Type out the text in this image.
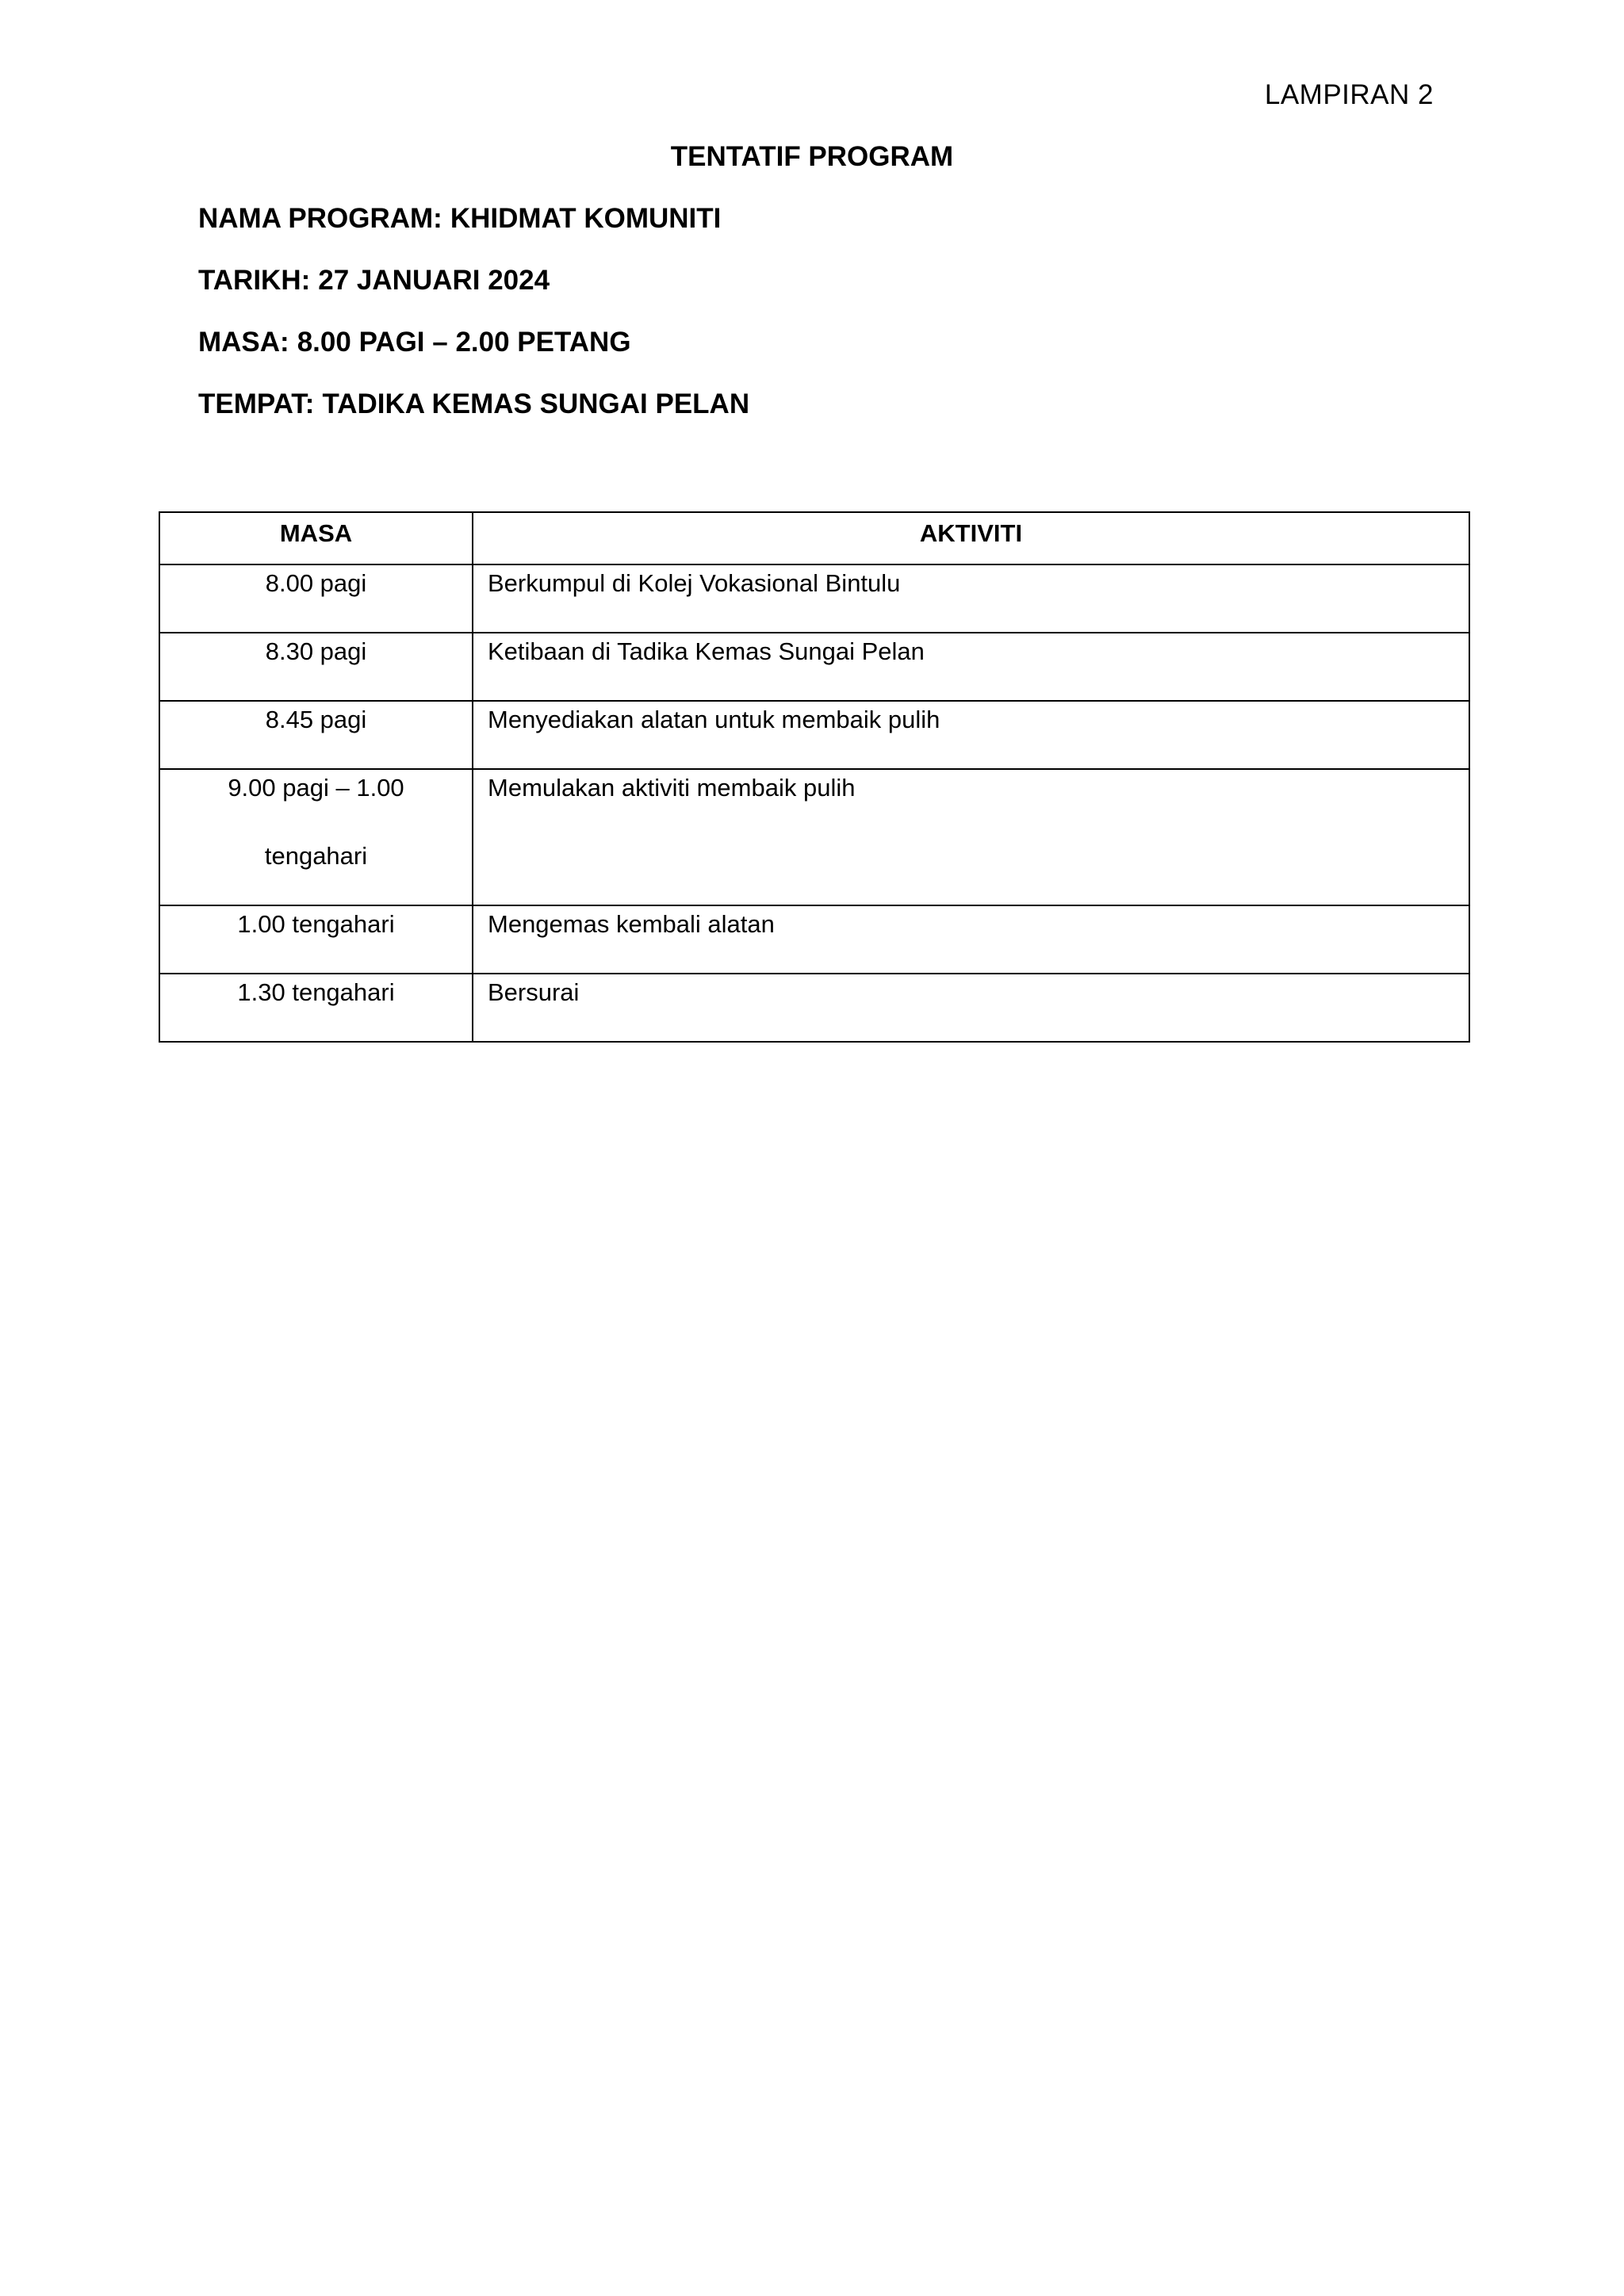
LAMPIRAN 2
TENTATIF PROGRAM
NAMA PROGRAM: KHIDMAT KOMUNITI
TARIKH: 27 JANUARI 2024
MASA: 8.00 PAGI – 2.00 PETANG
TEMPAT: TADIKA KEMAS SUNGAI PELAN
MASA	AKTIVITI

8.00 pagi	Berkumpul di Kolej Vokasional Bintulu

8.30 pagi	Ketibaan di Tadika Kemas Sungai Pelan

8.45 pagi	Menyediakan alatan untuk membaik pulih

9.00 pagi – 1.00
tengahari	Memulakan aktiviti membaik pulih

1.00 tengahari	Mengemas kembali alatan

1.30 tengahari	Bersurai
